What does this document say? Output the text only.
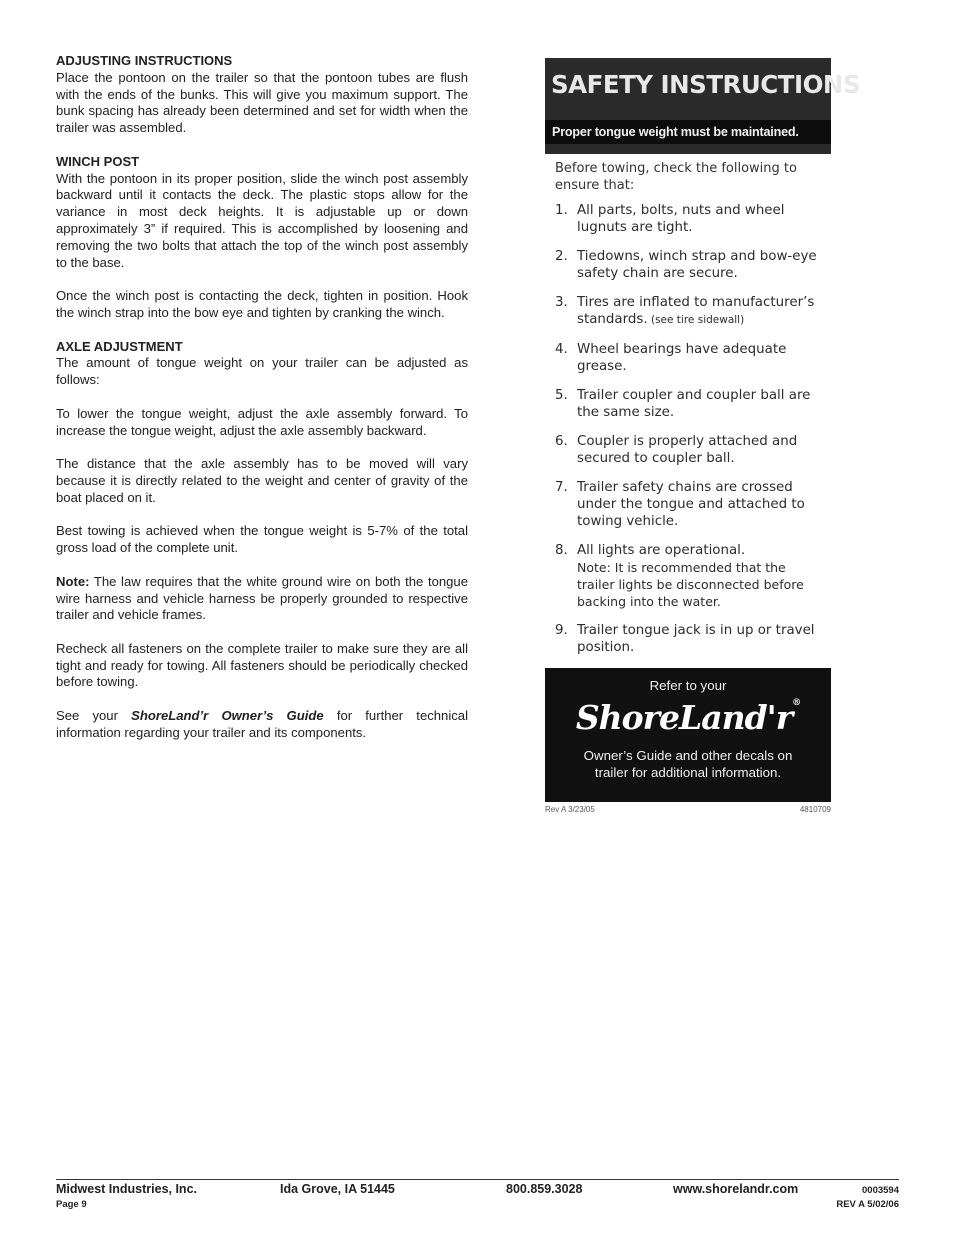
ADJUSTING INSTRUCTIONS

Place the pontoon on the trailer so that the pontoon tubes are flush with the ends of the bunks. This will give you maximum support. The bunk spacing has already been determined and set for width when the trailer was assembled.

WINCH POST

With the pontoon in its proper position, slide the winch post assembly backward until it contacts the deck. The plastic stops allow for the variance in most deck heights. It is adjustable up or down approximately 3” if required. This is accomplished by loosening and removing the two bolts that attach the top of the winch post assembly to the base.

Once the winch post is contacting the deck, tighten in position. Hook the winch strap into the bow eye and tighten by cranking the winch.

AXLE ADJUSTMENT

The amount of tongue weight on your trailer can be adjusted as follows:

To lower the tongue weight, adjust the axle assembly forward. To increase the tongue weight, adjust the axle assembly backward.

The distance that the axle assembly has to be moved will vary because it is directly related to the weight and center of gravity of the boat placed on it.

Best towing is achieved when the tongue weight is 5-7% of the total gross load of the complete unit.

Note: The law requires that the white ground wire on both the tongue wire harness and vehicle harness be properly grounded to respective trailer and vehicle frames.

Recheck all fasteners on the complete trailer to make sure they are all tight and ready for towing. All fasteners should be periodically checked before towing.

See your ShoreLand’r Owner’s Guide for further technical information regarding your trailer and its components.

SAFETY INSTRUCTIONS
Proper tongue weight must be maintained.
Before towing, check the following to ensure that:
1. All parts, bolts, nuts and wheel lugnuts are tight.
2. Tiedowns, winch strap and bow-eye safety chain are secure.
3. Tires are inflated to manufacturer’s standards. (see tire sidewall)
4. Wheel bearings have adequate grease.
5. Trailer coupler and coupler ball are the same size.
6. Coupler is properly attached and secured to coupler ball.
7. Trailer safety chains are crossed under the tongue and attached to towing vehicle.
8. All lights are operational.
Note: It is recommended that the trailer lights be disconnected before backing into the water.
9. Trailer tongue jack is in up or travel position.
Refer to your
ShoreLand'r®
Owner’s Guide and other decals on
trailer for additional information.
Rev A 3/23/05	4810709
Midwest Industries, Inc.	Ida Grove, IA 51445	800.859.3028	www.shorelandr.com	0003594
Page 9	REV A 5/02/06
